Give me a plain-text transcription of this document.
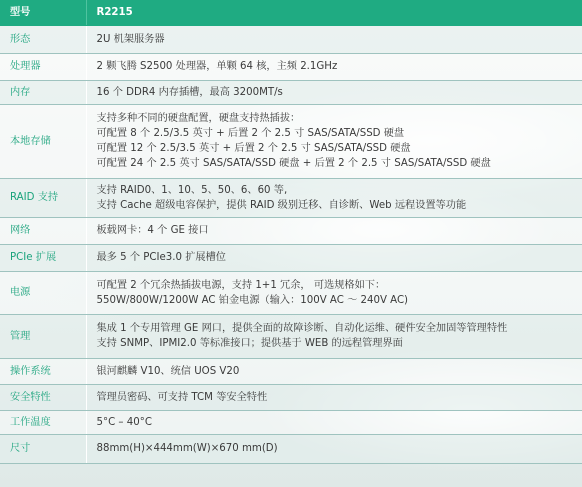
型号	R2215
形态	2U 机架服务器

处理器	2 颗飞腾 S2500 处理器，单颗 64 核，主频 2.1GHz

内存	16 个 DDR4 内存插槽，最高 3200MT/s

本地存储	支持多种不同的硬盘配置，硬盘支持热插拔：
可配置 8 个 2.5/3.5 英寸 + 后置 2 个 2.5 寸 SAS/SATA/SSD 硬盘
可配置 12 个 2.5/3.5 英寸 + 后置 2 个 2.5 寸 SAS/SATA/SSD 硬盘
可配置 24 个 2.5 英寸 SAS/SATA/SSD 硬盘 + 后置 2 个 2.5 寸 SAS/SATA/SSD 硬盘

RAID 支持	支持 RAID0、1、10、5、50、6、60 等,
支持 Cache 超级电容保护，提供 RAID 级别迁移、自诊断、Web 远程设置等功能

网络	板载网卡：4 个 GE 接口

PCIe 扩展	最多 5 个 PCIe3.0 扩展槽位

电源	可配置 2 个冗余热插拔电源，支持 1+1 冗余， 可选规格如下：
550W/800W/1200W AC 铂金电源（输入：100V AC ～ 240V AC)

管理	集成 1 个专用管理 GE 网口，提供全面的故障诊断、自动化运维、硬件安全加固等管理特性
支持 SNMP、IPMI2.0 等标准接口；提供基于 WEB 的远程管理界面

操作系统	银河麒麟 V10、统信 UOS V20

安全特性	管理员密码、可支持 TCM 等安全特性

工作温度	5°C – 40°C

尺寸	88mm(H)×444mm(W)×670 mm(D)
